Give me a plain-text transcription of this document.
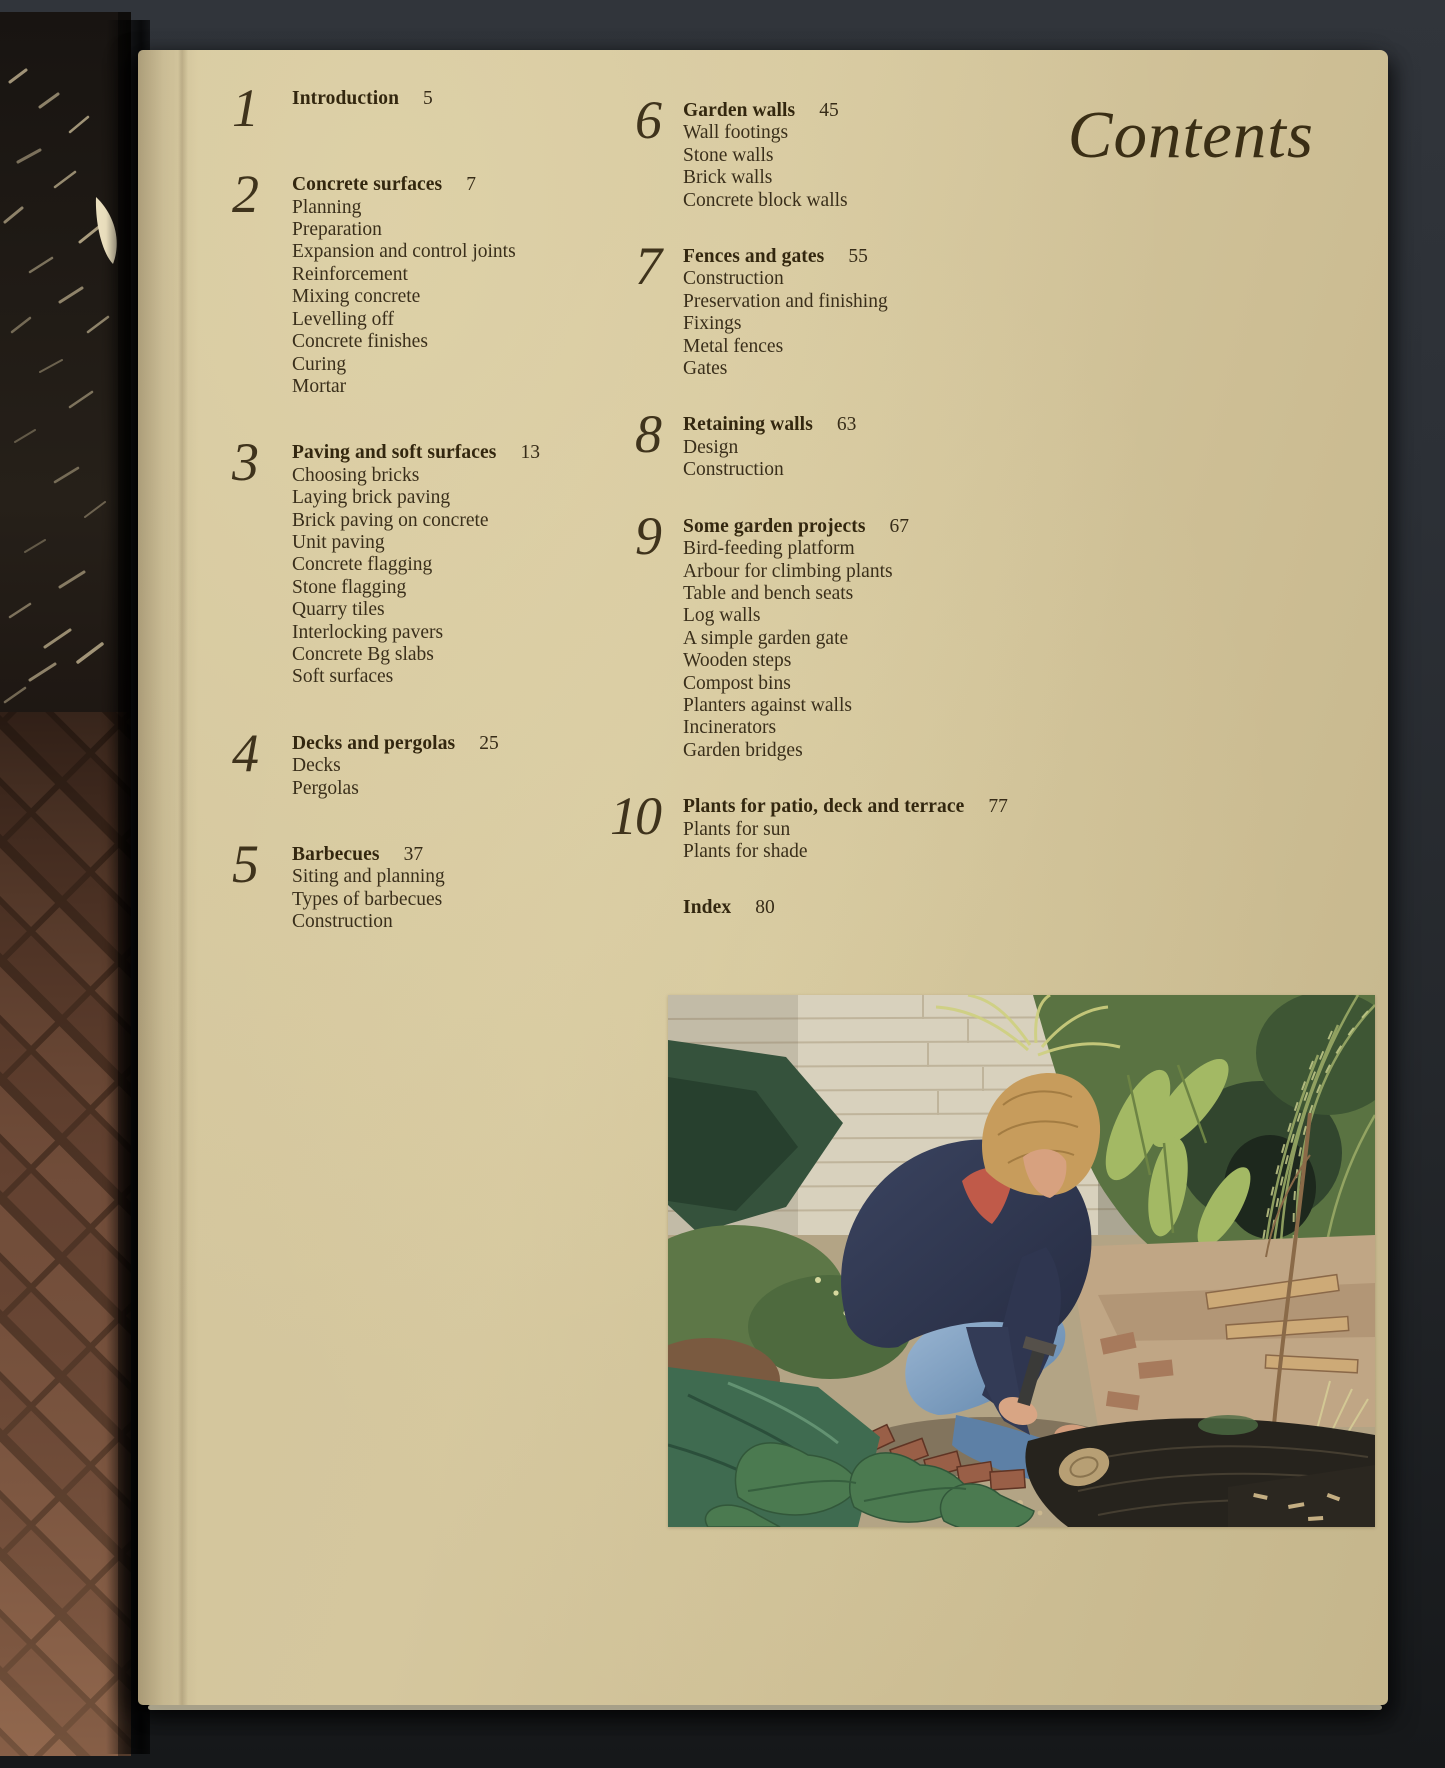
Contents
1 Introduction 5
2 Concrete surfaces 7
Planning
Preparation
Expansion and control joints
Reinforcement
Mixing concrete
Levelling off
Concrete finishes
Curing
Mortar
3 Paving and soft surfaces 13
Choosing bricks
Laying brick paving
Brick paving on concrete
Unit paving
Concrete flagging
Stone flagging
Quarry tiles
Interlocking pavers
Concrete Bg slabs
Soft surfaces
4 Decks and pergolas 25
Decks
Pergolas
5 Barbecues 37
Siting and planning
Types of barbecues
Construction
6 Garden walls 45
Wall footings
Stone walls
Brick walls
Concrete block walls
7 Fences and gates 55
Construction
Preservation and finishing
Fixings
Metal fences
Gates
8 Retaining walls 63
Design
Construction
9 Some garden projects 67
Bird-feeding platform
Arbour for climbing plants
Table and bench seats
Log walls
A simple garden gate
Wooden steps
Compost bins
Planters against walls
Incinerators
Garden bridges
10 Plants for patio, deck and terrace 77
Plants for sun
Plants for shade
Index 80
